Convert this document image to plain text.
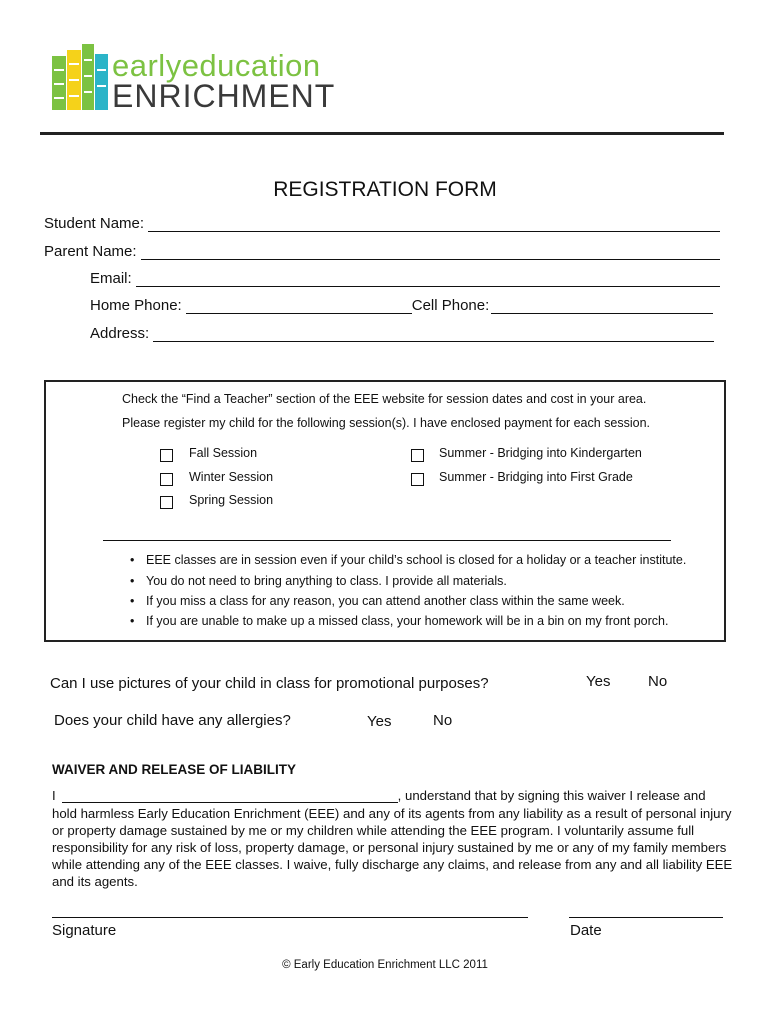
earlyeducation
ENRICHMENT
REGISTRATION FORM
Student Name:
Parent Name:
Email:
Home Phone:	Cell Phone:
Address:
Check the “Find a Teacher” section of the EEE website for session dates and cost in your area.
Please register my child for the following session(s). I have enclosed payment for each session.
Fall Session
Winter Session
Spring Session
Summer - Bridging into Kindergarten
Summer - Bridging into First Grade
• EEE classes are in session even if your child’s school is closed for a holiday or a teacher institute.
• You do not need to bring anything to class. I provide all materials.
• If you miss a class for any reason, you can attend another class within the same week.
• If you are unable to make up a missed class, your homework will be in a bin on my front porch.
Can I use pictures of your child in class for promotional purposes?	Yes	No
Does your child have any allergies?	Yes	No
WAIVER AND RELEASE OF LIABILITY
I	, understand that by signing this waiver I release and
hold harmless Early Education Enrichment (EEE) and any of its agents from any liability as a result of personal injury or property damage sustained by me or my children while attending the EEE program. I voluntarily assume full responsibility for any risk of loss, property damage, or personal injury sustained by me or any of my family members while attending any of the EEE classes. I waive, fully discharge any claims, and release from any and all liability EEE and its agents.
Signature	Date
© Early Education Enrichment LLC 2011
